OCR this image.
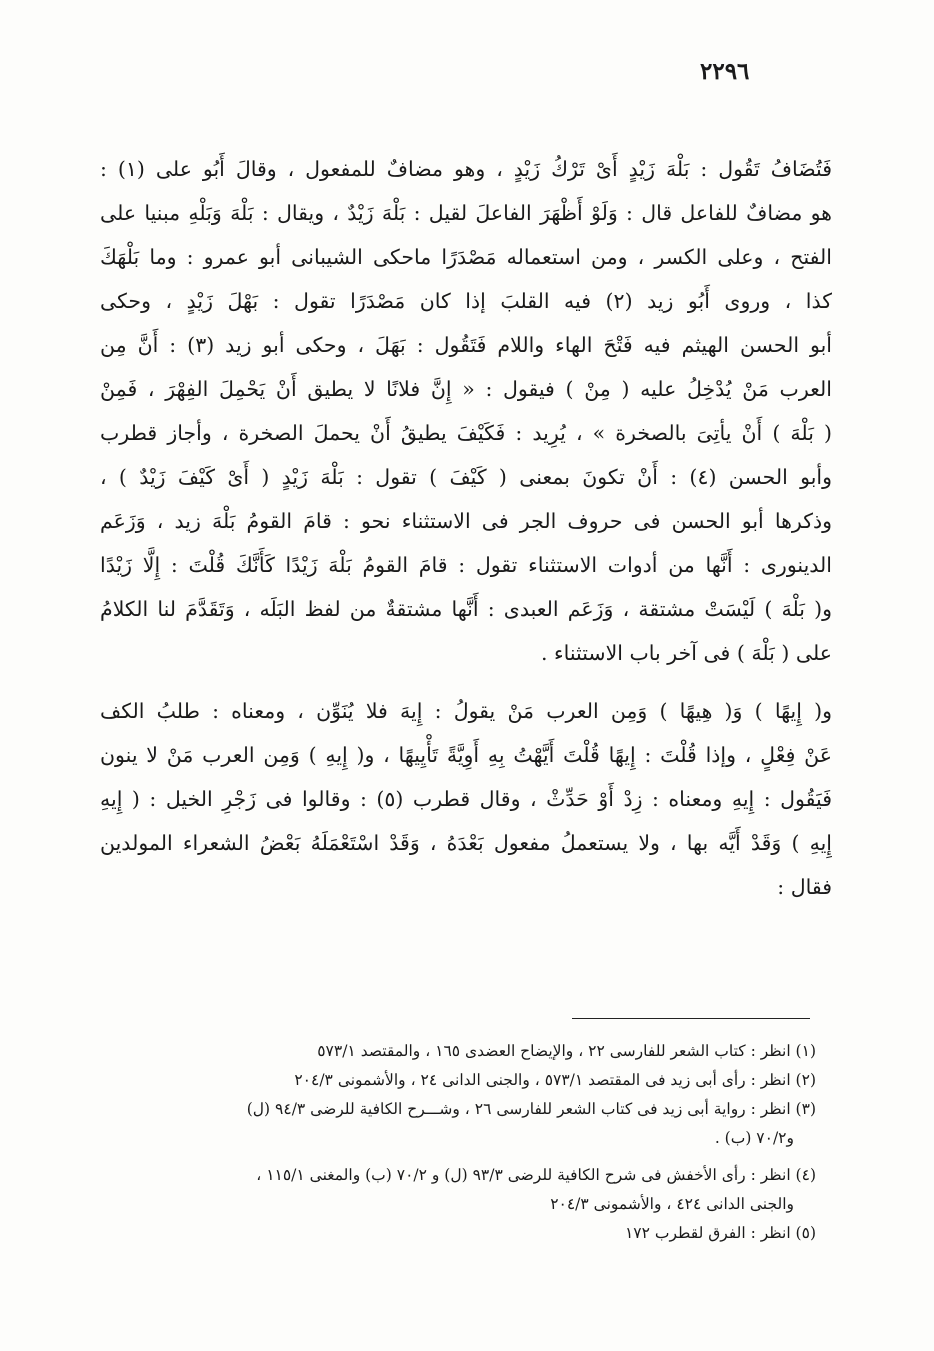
٢٢٩٦
فَتُضَافُ تَقُول : بَلْهَ زَيْدٍ أَىْ تَرْكُ زَيْدٍ ، وهو مضافٌ للمفعول ، وقالَ أَبُو على (١) :
هو مضافٌ للفاعل قال : وَلَوْ أَظْهَرَ الفاعلَ لقيل : بَلْهَ زَيْدٌ ، ويقال : بَلْهَ وَبَلْهِ مبنيا على
الفتح ، وعلى الكسر ، ومن استعماله مَصْدَرًا ماحكى الشيبانى أبو عمرو : وما بَلْهَكَ
كذا ، وروى أَبُو زيد (٢) فيه القلبَ إذا كان مَصْدَرًا تقول : بَهْلَ زَيْدٍ ، وحكى
أبو الحسن الهيثم فيه فَتْحَ الهاء واللام فَتَقُول : بَهَلَ ، وحكى أبو زيد (٣) : أَنَّ مِن
العرب مَنْ يُدْخِلُ عليه ( مِنْ ) فيقول : « إِنَّ فلانًا لا يطيق أَنْ يَحْمِلَ الفِهْرَ ، فَمِنْ
( بَلْهَ ) أَنْ يأتِىَ بالصخرة » ، يُرِيد : فَكَيْفَ يطيقُ أَنْ يحملَ الصخرة ، وأجاز قطرب
وأبو الحسن (٤) : أَنْ تكونَ بمعنى ( كَيْفَ ) تقول : بَلْهَ زَيْدٍ ( أَىْ كَيْفَ زَيْدٌ ) ،
وذكرها أبو الحسن فى حروف الجر فى الاستثناء نحو : قامَ القومُ بَلْهَ زيد ، وَزَعَم
الدينورى : أَنَّها من أدوات الاستثناء تقول : قامَ القومُ بَلْهَ زَيْدًا كَأَنَّكَ قُلْتَ : إِلَّا زَيْدًا
و( بَلْهَ ) لَيْسَتْ مشتقة ، وَزَعَم العبدى : أَنَّها مشتقةٌ من لفظ البَلَه ، وَتَقَدَّمَ لنا الكلامُ
على ( بَلْهَ ) فى آخر باب الاستثناء .
و( إِيهًا ) وَ( هِيهًا ) وَمِن العرب مَنْ يقولُ : إِيهَ فلا يُنَوِّن ، ومعناه : طلبُ الكف
عَنْ فِعْلٍ ، وإذا قُلْتَ : إِيهًا قُلْتَ أَيَّهْتُ بِهِ أَوِيَّةً تَأْيِيهًا ، و( إِيهِ ) وَمِن العرب مَنْ لا ينون
فَيَقُول : إِيهِ ومعناه : زِدْ أَوْ حَدِّثْ ، وقال قطرب (٥) : وقالوا فى زَجْرِ الخيل : ( إِيهِ
إِيهِ ) وَقَدْ أَيَّه بها ، ولا يستعملُ مفعول بَعْدَهُ ، وَقَدْ اسْتَعْمَلَهُ بَعْضُ الشعراء المولدين
فقال :
(١) انظر : كتاب الشعر للفارسى ٢٢ ، والإيضاح العضدى ١٦٥ ، والمقتصد ٥٧٣/١
(٢) انظر : رأى أبى زيد فى المقتصد ٥٧٣/١ ، والجنى الدانى ٢٤ ، والأشمونى ٢٠٤/٣
(٣) انظر : رواية أبى زيد فى كتاب الشعر للفارسى ٢٦ ، وشـــرح الكافية للرضى ٩٤/٣ (ل)
و٧٠/٢ (ب) .
(٤) انظر : رأى الأخفش فى شرح الكافية للرضى ٩٣/٣ (ل) و ٧٠/٢ (ب) والمغنى ١١٥/١ ،
والجنى الدانى ٤٢٤ ، والأشمونى ٢٠٤/٣
(٥) انظر : الفرق لقطرب ١٧٢
